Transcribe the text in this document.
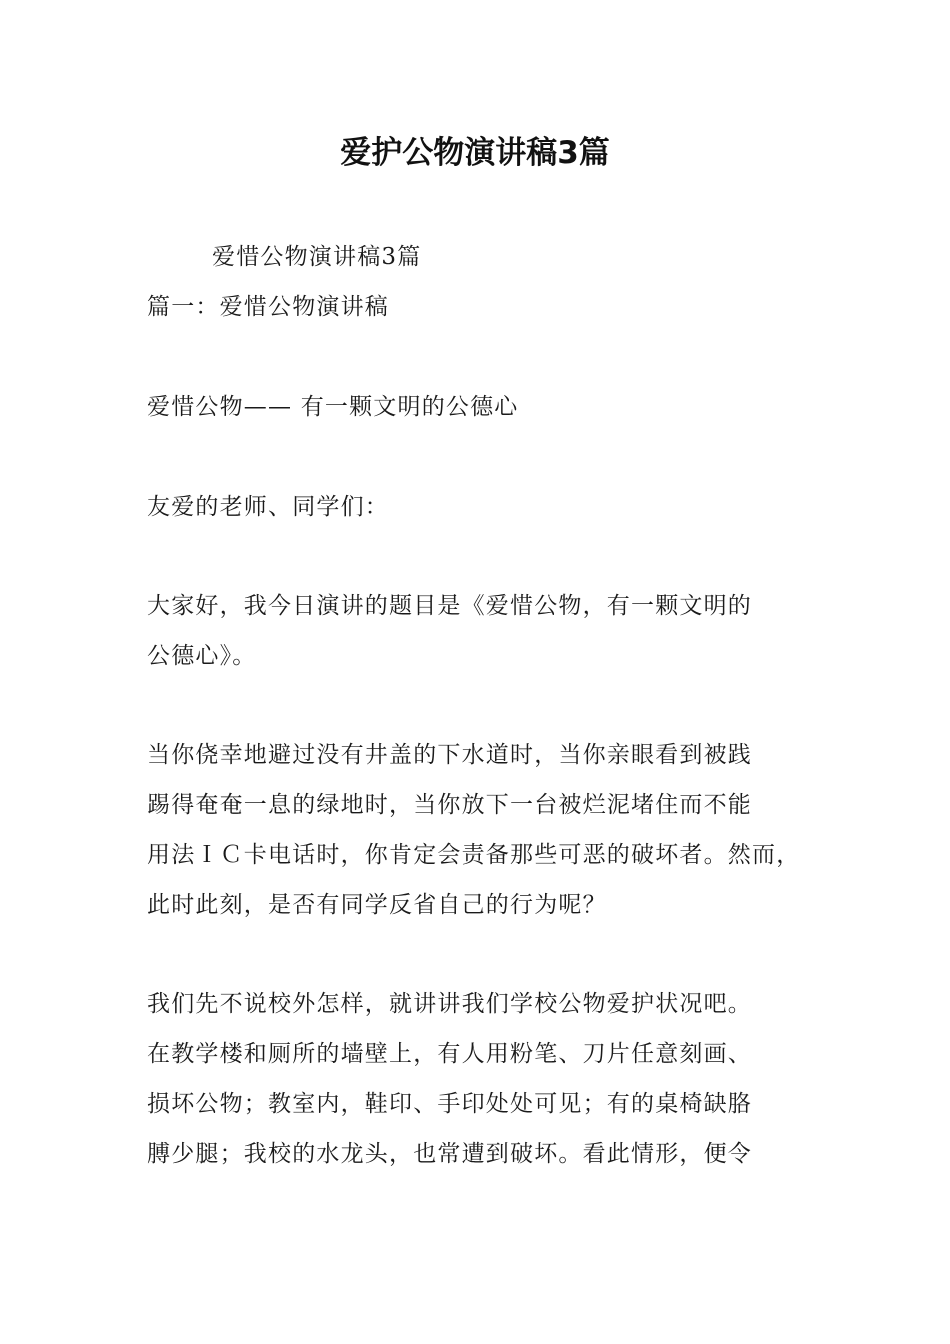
爱护公物演讲稿3篇
爱惜公物演讲稿3篇
篇一：爱惜公物演讲稿
爱惜公物—— 有一颗文明的公德心
友爱的老师、同学们：
大家好，我今日演讲的题目是《爱惜公物，有一颗文明的
公德心》。
当你侥幸地避过没有井盖的下水道时，当你亲眼看到被践
踢得奄奄一息的绿地时，当你放下一台被烂泥堵住而不能
用法ＩＣ卡电话时，你肯定会责备那些可恶的破坏者。然而，
此时此刻，是否有同学反省自己的行为呢？
我们先不说校外怎样，就讲讲我们学校公物爱护状况吧。
在教学楼和厕所的墙壁上，有人用粉笔、刀片任意刻画、
损坏公物；教室内，鞋印、手印处处可见；有的桌椅缺胳
膊少腿；我校的水龙头，也常遭到破坏。看此情形，便令
